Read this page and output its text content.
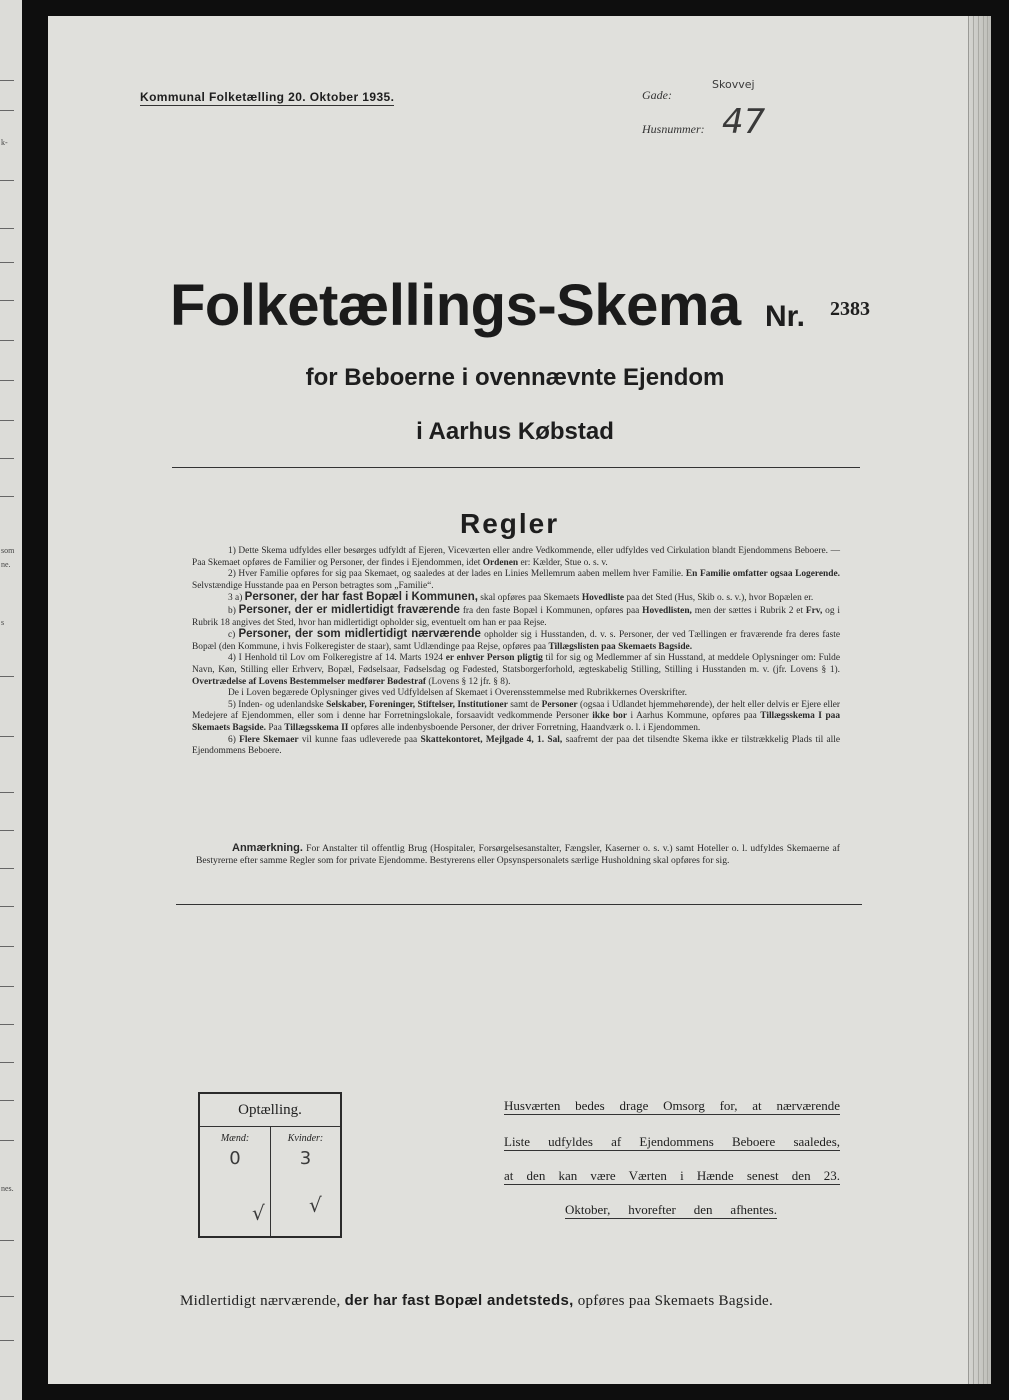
k-
som
ne.
s
nes.
Kommunal Folketælling 20. Oktober 1935.	Gade:
Skovvej
Husnummer: 47
Folketællings-Skema Nr. 2383
for Beboerne i ovennævnte Ejendom
i Aarhus Købstad
Regler

1) Dette Skema udfyldes eller besørges udfyldt af Ejeren, Viceværten eller andre Vedkommende, eller udfyldes ved Cirkulation blandt Ejendommens Beboere. — Paa Skemaet opføres de Familier og Personer, der findes i Ejendommen, idet Ordenen er: Kælder, Stue o. s. v.

2) Hver Familie opføres for sig paa Skemaet, og saaledes at der lades en Linies Mellemrum aaben mellem hver Familie. En Familie omfatter ogsaa Logerende. Selvstændige Husstande paa en Person betragtes som „Familie“.

3 a) Personer, der har fast Bopæl i Kommunen, skal opføres paa Skemaets Hovedliste paa det Sted (Hus, Skib o. s. v.), hvor Bopælen er.

b) Personer, der er midlertidigt fraværende fra den faste Bopæl i Kommunen, opføres paa Hovedlisten, men der sættes i Rubrik 2 et Frv, og i Rubrik 18 angives det Sted, hvor han midlertidigt opholder sig, eventuelt om han er paa Rejse.

c) Personer, der som midlertidigt nærværende opholder sig i Husstanden, d. v. s. Personer, der ved Tællingen er fraværende fra deres faste Bopæl (den Kommune, i hvis Folkeregister de staar), samt Udlændinge paa Rejse, opføres paa Tillægslisten paa Skemaets Bagside.

4) I Henhold til Lov om Folkeregistre af 14. Marts 1924 er enhver Person pligtig til for sig og Medlemmer af sin Husstand, at meddele Oplysninger om: Fulde Navn, Køn, Stilling eller Erhverv, Bopæl, Fødselsaar, Fødselsdag og Fødested, Statsborgerforhold, ægteskabelig Stilling, Stilling i Husstanden m. v. (jfr. Lovens § 1). Overtrædelse af Lovens Bestemmelser medfører Bødestraf (Lovens § 12 jfr. § 8).

De i Loven begærede Oplysninger gives ved Udfyldelsen af Skemaet i Overensstemmelse med Rubrikkernes Overskrifter.

5) Inden- og udenlandske Selskaber, Foreninger, Stiftelser, Institutioner samt de Personer (ogsaa i Udlandet hjemmehørende), der helt eller delvis er Ejere eller Medejere af Ejendommen, eller som i denne har Forretningslokale, forsaavidt vedkommende Personer ikke bor i Aarhus Kommune, opføres paa Tillægsskema I paa Skemaets Bagside. Paa Tillægsskema II opføres alle indenbysboende Personer, der driver Forretning, Haandværk o. l. i Ejendommen.

6) Flere Skemaer vil kunne faas udleverede paa Skattekontoret, Mejlgade 4, 1. Sal, saafremt der paa det tilsendte Skema ikke er tilstrækkelig Plads til alle Ejendommens Beboere.

Anmærkning. For Anstalter til offentlig Brug (Hospitaler, Forsørgelsesanstalter, Fængsler, Kaserner o. s. v.) samt Hoteller o. l. udfyldes Skemaerne af Bestyrerne efter samme Regler som for private Ejendomme. Bestyrerens eller Opsynspersonalets særlige Husholdning skal opføres for sig.
Optælling.
Mænd:
0
√
Kvinder:
3
√
Husværten bedes drage Omsorg for, at nærværende
Liste udfyldes af Ejendommens Beboere saaledes,
at den kan være Værten i Hænde senest den 23.
Oktober, hvorefter den afhentes.
Midlertidigt nærværende, der har fast Bopæl andetsteds, opføres paa Skemaets Bagside.
